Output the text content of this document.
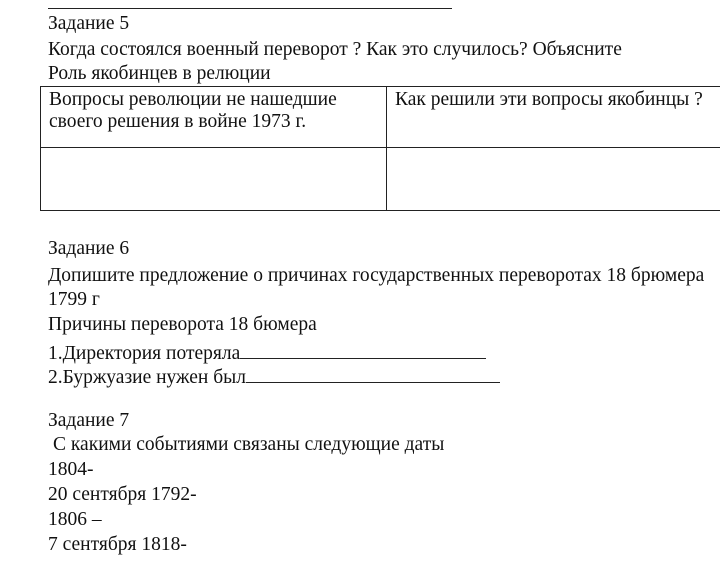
Задание 5
Когда состоялся военный переворот ? Как это случилось? Объясните
Роль якобинцев в релюции
Вопросы революции не нашедшие своего решения в войне 1973 г.	Как решили эти вопросы якобинцы ?

Задание 6
Допишите предложение о причинах государственных переворотах 18 брюмера
1799 г
Причины переворота 18 бюмера
1.Директория потеряла
2.Буржуазие нужен был
Задание 7
С какими событиями связаны следующие даты
1804-
20 сентября 1792-
1806 –
7 сентября 1818-
